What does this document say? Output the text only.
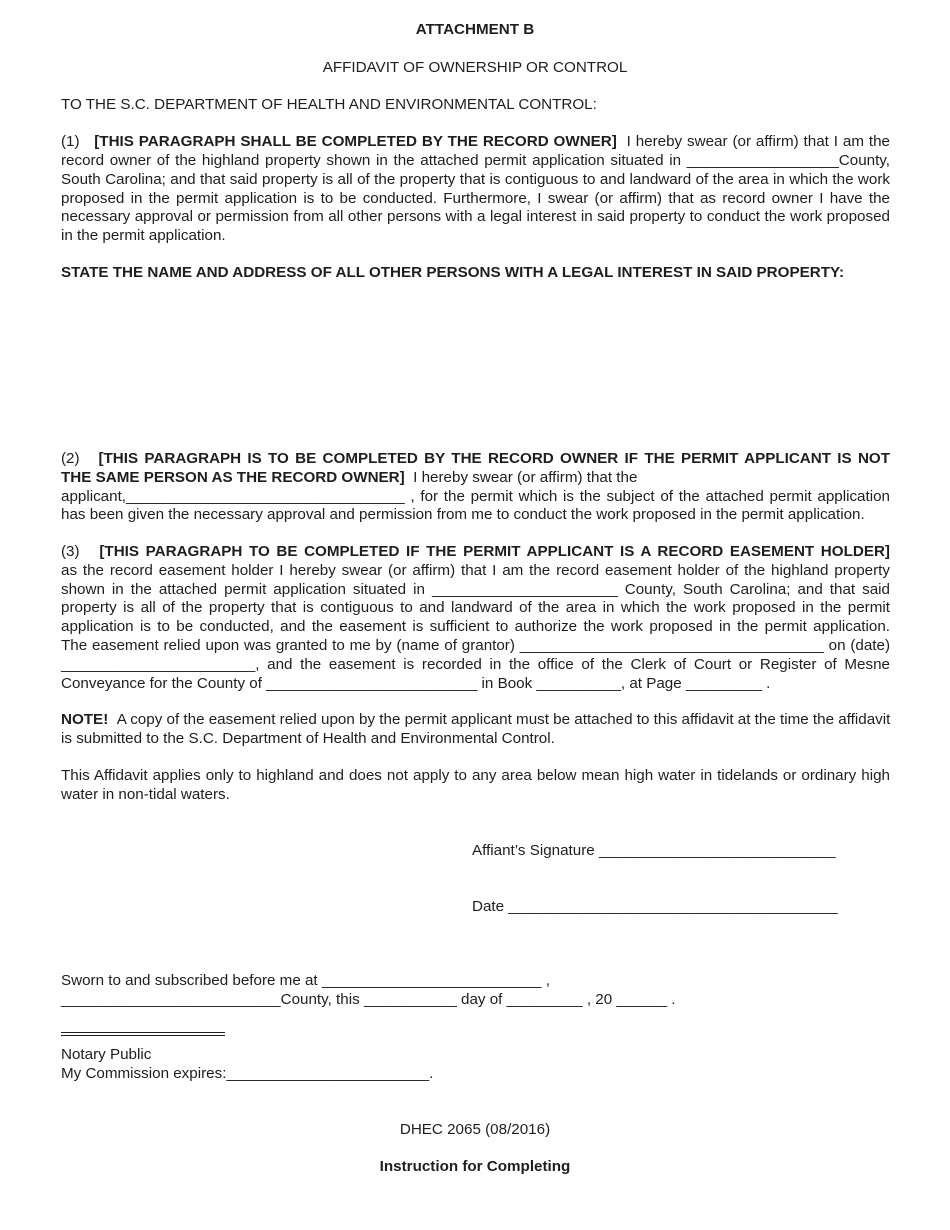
ATTACHMENT B

AFFIDAVIT OF OWNERSHIP OR CONTROL

TO THE S.C. DEPARTMENT OF HEALTH AND ENVIRONMENTAL CONTROL:

(1) [THIS PARAGRAPH SHALL BE COMPLETED BY THE RECORD OWNER] I hereby swear (or affirm) that I am the

record owner of the highland property shown in the attached permit application situated in __________________County,

South Carolina; and that said property is all of the property that is contiguous to and landward of the area in which the work

proposed in the permit application is to be conducted. Furthermore, I swear (or affirm) that as record owner I have the

necessary approval or permission from all other persons with a legal interest in said property to conduct the work proposed

in the permit application.

STATE THE NAME AND ADDRESS OF ALL OTHER PERSONS WITH A LEGAL INTEREST IN SAID PROPERTY:

(2) [THIS PARAGRAPH IS TO BE COMPLETED BY THE RECORD OWNER IF THE PERMIT APPLICANT IS NOT

THE SAME PERSON AS THE RECORD OWNER] I hereby swear (or affirm) that the

applicant,_________________________________ , for the permit which is the subject of the attached permit application

has been given the necessary approval and permission from me to conduct the work proposed in the permit application.

(3) [THIS PARAGRAPH TO BE COMPLETED IF THE PERMIT APPLICANT IS A RECORD EASEMENT HOLDER]

as the record easement holder I hereby swear (or affirm) that I am the record easement holder of the highland property

shown in the attached permit application situated in ______________________ County, South Carolina; and that said

property is all of the property that is contiguous to and landward of the area in which the work proposed in the permit

application is to be conducted, and the easement is sufficient to authorize the work proposed in the permit application.

The easement relied upon was granted to me by (name of grantor) ____________________________________ on (date)

_______________________, and the easement is recorded in the office of the Clerk of Court or Register of Mesne

Conveyance for the County of _________________________ in Book __________, at Page _________ .

NOTE! A copy of the easement relied upon by the permit applicant must be attached to this affidavit at the time the affidavit

is submitted to the S.C. Department of Health and Environmental Control.

This Affidavit applies only to highland and does not apply to any area below mean high water in tidelands or ordinary high

water in non-tidal waters.

Affiant’s Signature ____________________________
Date _______________________________________

Sworn to and subscribed before me at __________________________ ,

__________________________County, this ___________ day of _________ , 20 ______ .

Notary Public

My Commission expires:________________________.

DHEC 2065 (08/2016)

Instruction for Completing
